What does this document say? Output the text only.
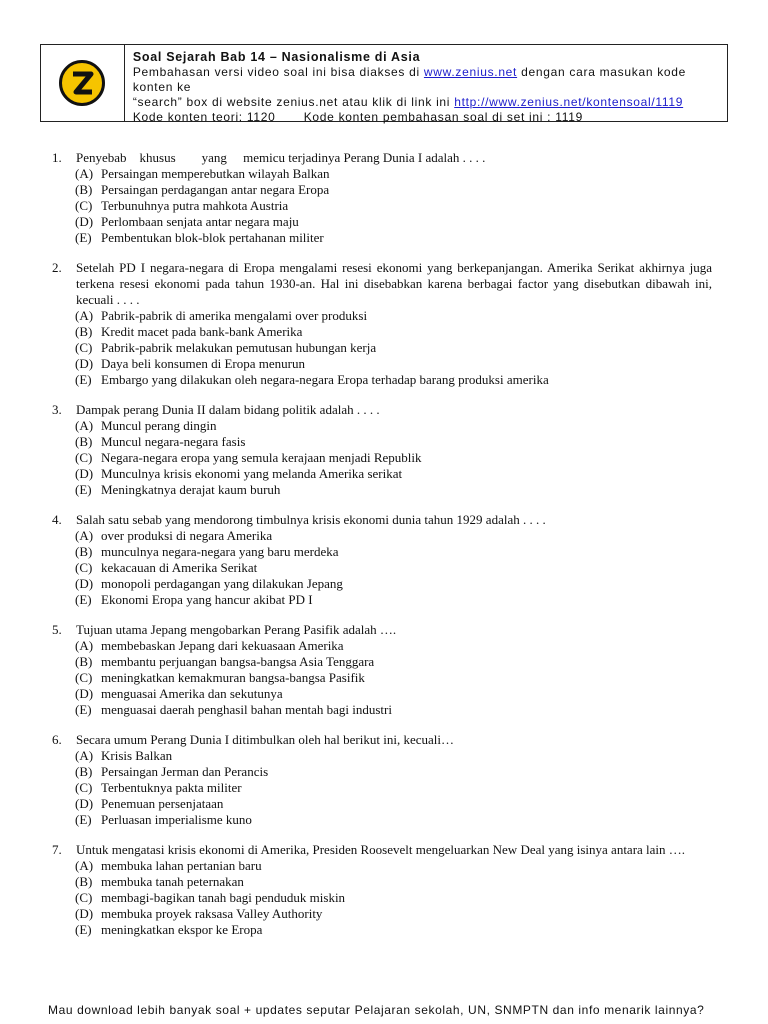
Soal Sejarah Bab 14 – Nasionalisme di Asia
Pembahasan versi video soal ini bisa diakses di www.zenius.net dengan cara masukan kode konten ke
“search” box di website zenius.net atau klik di link ini http://www.zenius.net/kontensoal/1119
Kode konten teori: 1120       Kode konten pembahasan soal di set ini : 1119
1.	Penyebab    khusus        yang     memicu terjadinya Perang Dunia I adalah . . . .
(A) Persaingan memperebutkan wilayah Balkan
(B) Persaingan perdagangan antar negara Eropa
(C) Terbunuhnya putra mahkota Austria
(D) Perlombaan senjata antar negara maju
(E) Pembentukan blok-blok pertahanan militer
2.	Setelah PD I negara-negara di Eropa mengalami resesi ekonomi yang berkepanjangan. Amerika Serikat akhirnya juga terkena resesi ekonomi pada tahun 1930-an. Hal ini disebabkan karena berbagai factor yang disebutkan dibawah ini, kecuali . . . .
(A) Pabrik-pabrik di amerika mengalami over produksi
(B) Kredit macet pada bank-bank Amerika
(C) Pabrik-pabrik melakukan pemutusan hubungan kerja
(D) Daya beli konsumen di Eropa menurun
(E) Embargo yang dilakukan oleh negara-negara Eropa terhadap barang produksi amerika
3.	Dampak perang Dunia II dalam bidang politik adalah . . . .
(A) Muncul perang dingin
(B) Muncul negara-negara fasis
(C) Negara-negara eropa yang semula kerajaan menjadi Republik
(D) Munculnya krisis ekonomi yang melanda Amerika serikat
(E) Meningkatnya derajat kaum buruh
4.	Salah satu sebab yang mendorong timbulnya krisis ekonomi dunia tahun 1929 adalah . . . .
(A) over produksi di negara Amerika
(B) munculnya negara-negara yang baru merdeka
(C) kekacauan di Amerika Serikat
(D) monopoli perdagangan yang dilakukan Jepang
(E) Ekonomi Eropa yang hancur akibat PD I
5.	Tujuan utama Jepang mengobarkan Perang Pasifik adalah ….
(A) membebaskan Jepang dari kekuasaan Amerika
(B) membantu perjuangan bangsa-bangsa Asia Tenggara
(C) meningkatkan kemakmuran bangsa-bangsa Pasifik
(D) menguasai Amerika dan sekutunya
(E) menguasai daerah penghasil bahan mentah bagi industri
6.	Secara umum Perang Dunia I ditimbulkan oleh hal berikut ini, kecuali…
(A) Krisis Balkan
(B) Persaingan Jerman dan Perancis
(C) Terbentuknya pakta militer
(D) Penemuan persenjataan
(E) Perluasan imperialisme kuno
7.	Untuk mengatasi krisis ekonomi di Amerika, Presiden Roosevelt mengeluarkan New Deal yang isinya antara lain ….
(A) membuka lahan pertanian baru
(B) membuka tanah peternakan
(C) membagi-bagikan tanah bagi penduduk miskin
(D) membuka proyek raksasa Valley Authority
(E) meningkatkan ekspor ke Eropa
Mau download lebih banyak soal + updates seputar Pelajaran sekolah, UN, SNMPTN dan info menarik lainnya?
